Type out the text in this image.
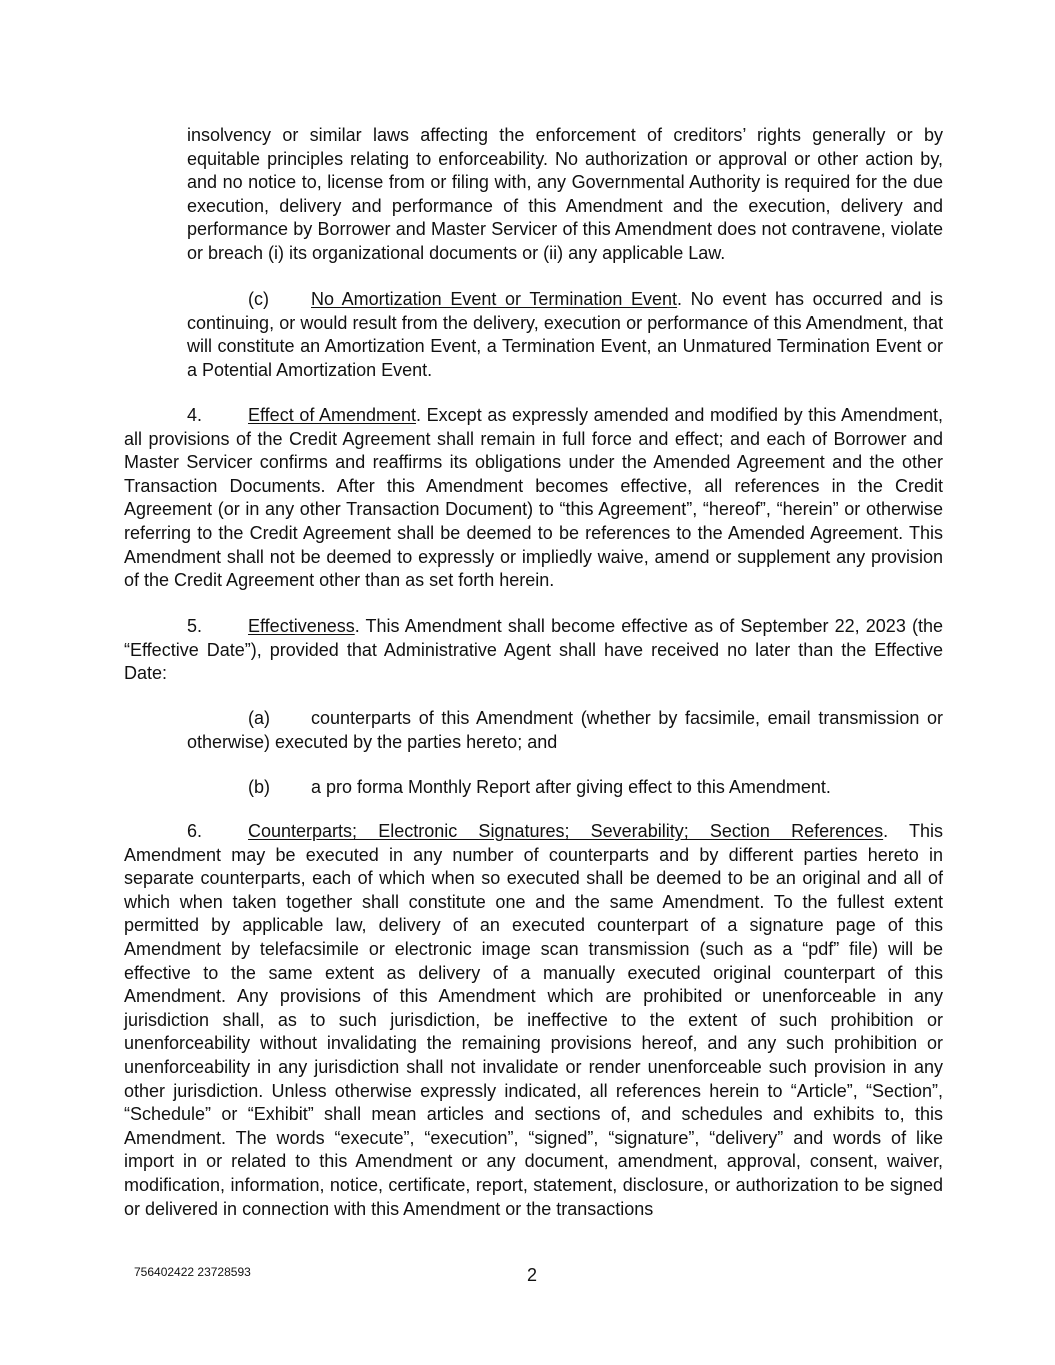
insolvency or similar laws affecting the enforcement of creditors’ rights generally or by equitable principles relating to enforceability. No authorization or approval or other action by, and no notice to, license from or filing with, any Governmental Authority is required for the due execution, delivery and performance of this Amendment and the execution, delivery and performance by Borrower and Master Servicer of this Amendment does not contravene, violate or breach (i) its organizational documents or (ii) any applicable Law.

(c) No Amortization Event or Termination Event. No event has occurred and is continuing, or would result from the delivery, execution or performance of this Amendment, that will constitute an Amortization Event, a Termination Event, an Unmatured Termination Event or a Potential Amortization Event.

4.	Effect of Amendment. Except as expressly amended and modified by this Amendment, all provisions of the Credit Agreement shall remain in full force and effect; and each of Borrower and Master Servicer confirms and reaffirms its obligations under the Amended Agreement and the other Transaction Documents. After this Amendment becomes effective, all references in the Credit Agreement (or in any other Transaction Document) to “this Agreement”, “hereof”, “herein” or otherwise referring to the Credit Agreement shall be deemed to be references to the Amended Agreement. This Amendment shall not be deemed to expressly or impliedly waive, amend or supplement any provision of the Credit Agreement other than as set forth herein.

5.	Effectiveness. This Amendment shall become effective as of September 22, 2023 (the “Effective Date”), provided that Administrative Agent shall have received no later than the Effective Date:

(a) counterparts of this Amendment (whether by facsimile, email transmission or otherwise) executed by the parties hereto; and

(b) a pro forma Monthly Report after giving effect to this Amendment.

6.	Counterparts; Electronic Signatures; Severability; Section References. This Amendment may be executed in any number of counterparts and by different parties hereto in separate counterparts, each of which when so executed shall be deemed to be an original and all of which when taken together shall constitute one and the same Amendment. To the fullest extent permitted by applicable law, delivery of an executed counterpart of a signature page of this Amendment by telefacsimile or electronic image scan transmission (such as a “pdf” file) will be effective to the same extent as delivery of a manually executed original counterpart of this Amendment. Any provisions of this Amendment which are prohibited or unenforceable in any jurisdiction shall, as to such jurisdiction, be ineffective to the extent of such prohibition or unenforceability without invalidating the remaining provisions hereof, and any such prohibition or unenforceability in any jurisdiction shall not invalidate or render unenforceable such provision in any other jurisdiction. Unless otherwise expressly indicated, all references herein to “Article”, “Section”, “Schedule” or “Exhibit” shall mean articles and sections of, and schedules and exhibits to, this Amendment. The words “execute”, “execution”, “signed”, “signature”, “delivery” and words of like import in or related to this Amendment or any document, amendment, approval, consent, waiver, modification, information, notice, certificate, report, statement, disclosure, or authorization to be signed or delivered in connection with this Amendment or the transactions

756402422 23728593	2
